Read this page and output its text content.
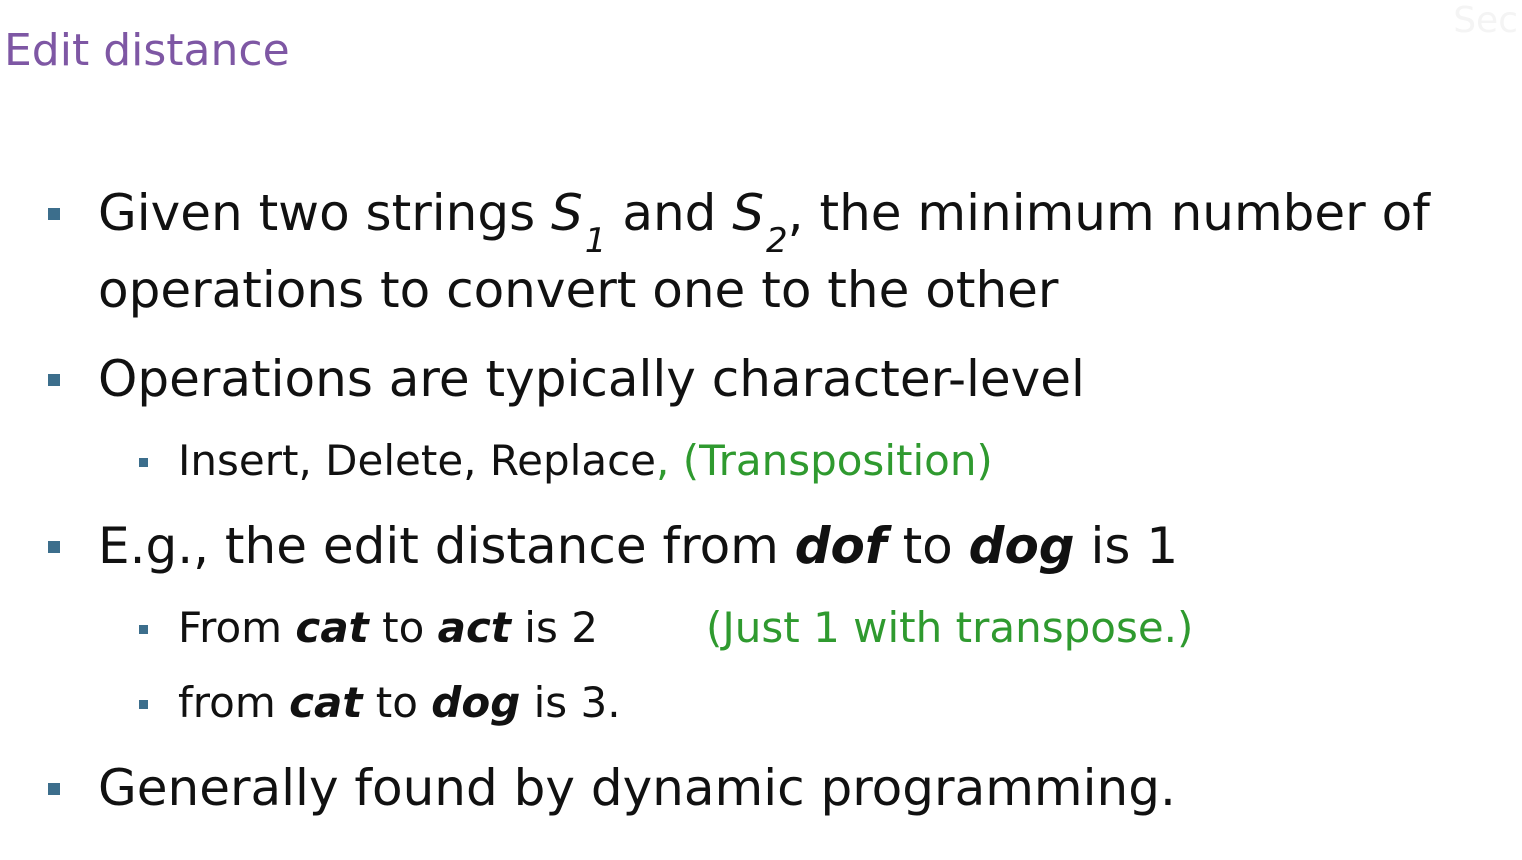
Edit distance
Sec
Given two strings $S_1$ and $S_2$, the minimum number of
operations to convert one to the other
Operations are typically character-level
Insert, Delete, Replace, (Transposition)
E.g., the edit distance from dof to dog is 1
From cat to act is 2	(Just 1 with transpose.)
from cat to dog is 3.
Generally found by dynamic programming.
